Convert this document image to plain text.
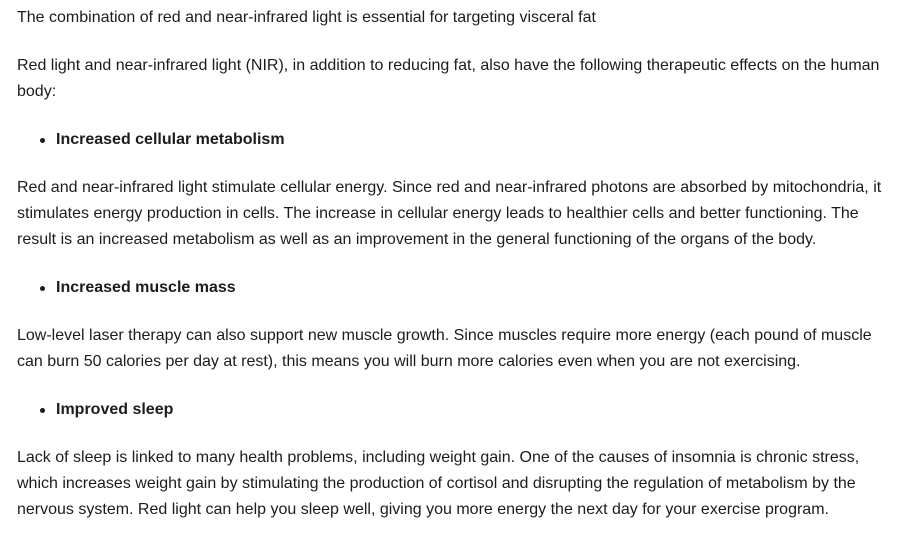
The combination of red and near-infrared light is essential for targeting visceral fat

Red light and near-infrared light (NIR), in addition to reducing fat, also have the following therapeutic effects on the human body:

Increased cellular metabolism

Red and near-infrared light stimulate cellular energy. Since red and near-infrared photons are absorbed by mitochondria, it stimulates energy production in cells. The increase in cellular energy leads to healthier cells and better functioning. The result is an increased metabolism as well as an improvement in the general functioning of the organs of the body.

Increased muscle mass

Low-level laser therapy can also support new muscle growth. Since muscles require more energy (each pound of muscle can burn 50 calories per day at rest), this means you will burn more calories even when you are not exercising.

Improved sleep

Lack of sleep is linked to many health problems, including weight gain. One of the causes of insomnia is chronic stress, which increases weight gain by stimulating the production of cortisol and disrupting the regulation of metabolism by the nervous system. Red light can help you sleep well, giving you more energy the next day for your exercise program.
